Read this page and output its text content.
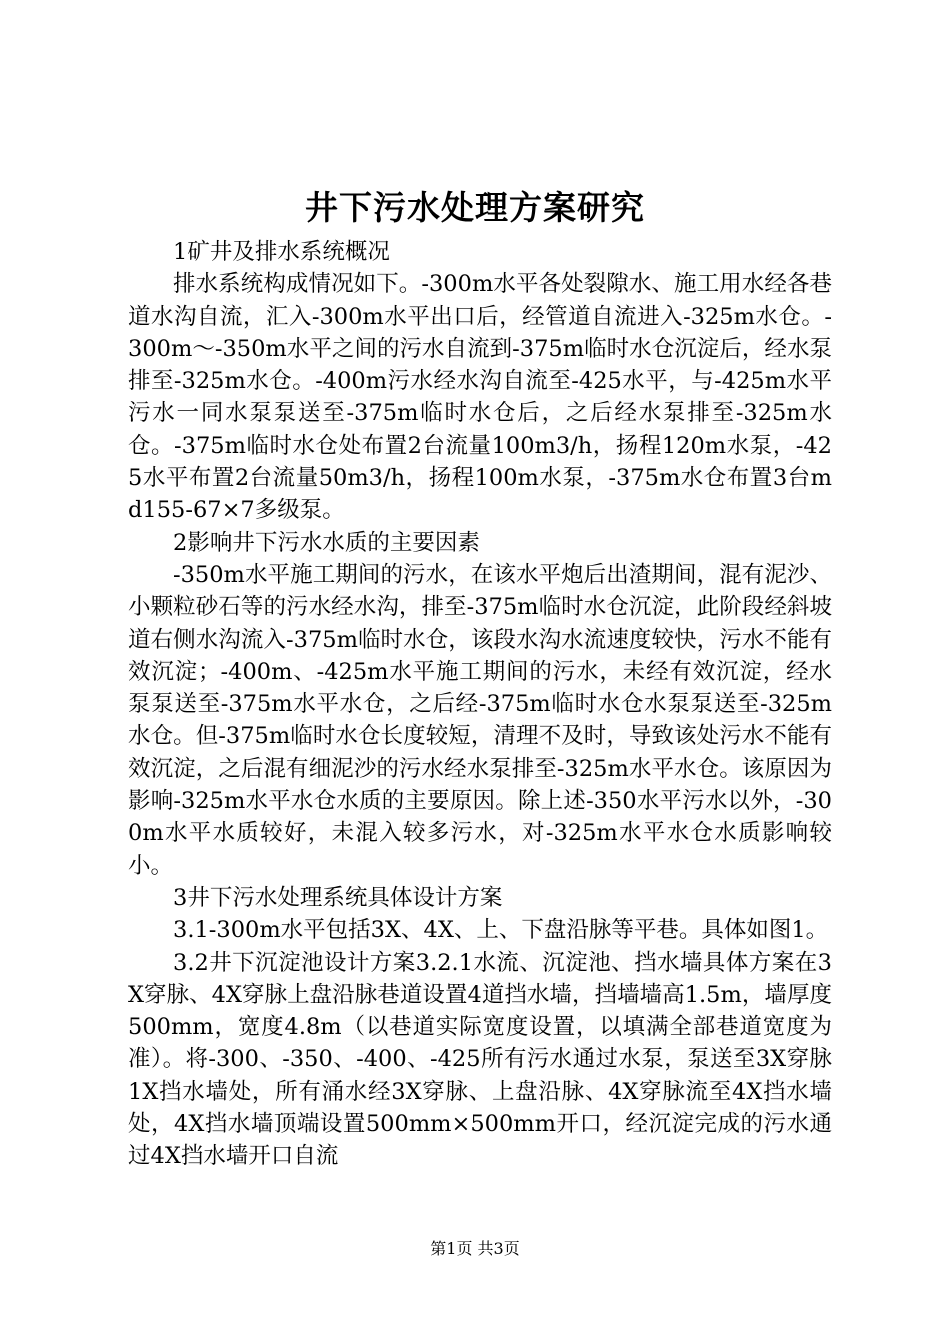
井下污水处理方案研究

1矿井及排水系统概况

排水系统构成情况如下。-300m水平各处裂隙水、施工用水经各巷道水沟自流，汇入-300m水平出口后，经管道自流进入-325m水仓。-300m～-350m水平之间的污水自流到-375m临时水仓沉淀后，经水泵排至-325m水仓。-400m污水经水沟自流至-425水平，与-425m水平污水一同水泵泵送至-375m临时水仓后，之后经水泵排至-325m水仓。-375m临时水仓处布置2台流量100m3/h，扬程120m水泵，-425水平布置2台流量50m3/h，扬程100m水泵，-375m水仓布置3台md155-67×7多级泵。

2影响井下污水水质的主要因素

-350m水平施工期间的污水，在该水平炮后出渣期间，混有泥沙、小颗粒砂石等的污水经水沟，排至-375m临时水仓沉淀，此阶段经斜坡道右侧水沟流入-375m临时水仓，该段水沟水流速度较快，污水不能有效沉淀；-400m、-425m水平施工期间的污水，未经有效沉淀，经水泵泵送至-375m水平水仓，之后经-375m临时水仓水泵泵送至-325m水仓。但-375m临时水仓长度较短，清理不及时，导致该处污水不能有效沉淀，之后混有细泥沙的污水经水泵排至-325m水平水仓。该原因为影响-325m水平水仓水质的主要原因。除上述-350水平污水以外，-300m水平水质较好，未混入较多污水，对-325m水平水仓水质影响较小。

3井下污水处理系统具体设计方案

3.1-300m水平包括3X、4X、上、下盘沿脉等平巷。具体如图1。

3.2井下沉淀池设计方案3.2.1水流、沉淀池、挡水墙具体方案在3X穿脉、4X穿脉上盘沿脉巷道设置4道挡水墙，挡墙墙高1.5m，墙厚度500mm，宽度4.8m（以巷道实际宽度设置，以填满全部巷道宽度为准）。将-300、-350、-400、-425所有污水通过水泵，泵送至3X穿脉1X挡水墙处，所有涌水经3X穿脉、上盘沿脉、4X穿脉流至4X挡水墙处，4X挡水墙顶端设置500mm×500mm开口，经沉淀完成的污水通过4X挡水墙开口自流

第1页 共3页
